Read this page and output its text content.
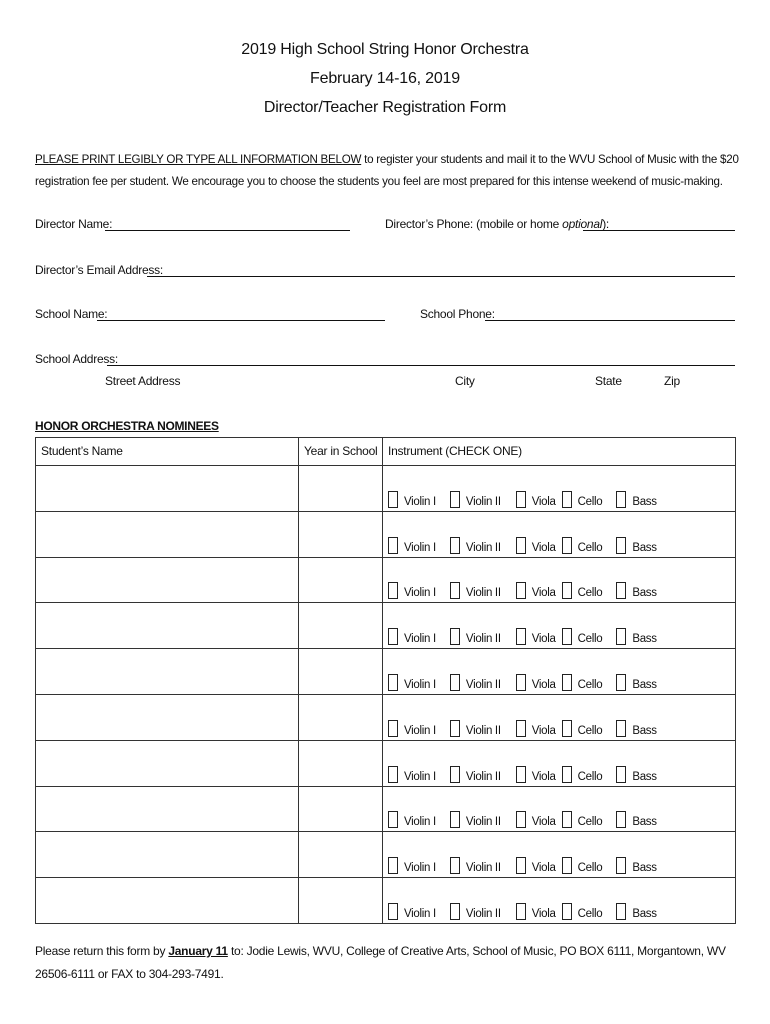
2019 High School String Honor Orchestra
February 14-16, 2019
Director/Teacher Registration Form
PLEASE PRINT LEGIBLY OR TYPE ALL INFORMATION BELOW to register your students and mail it to the WVU School of Music with the $20 registration fee per student. We encourage you to choose the students you feel are most prepared for this intense weekend of music-making.
Director Name:	Director’s Phone: (mobile or home optional):
Director’s Email Address:
School Name:	School Phone:
School Address:
Street Address	City	State	Zip
HONOR ORCHESTRA NOMINEES
Student’s Name	Year in School	Instrument (CHECK ONE)

		Violin I Violin II Viola Cello Bass

		Violin I Violin II Viola Cello Bass

		Violin I Violin II Viola Cello Bass

		Violin I Violin II Viola Cello Bass

		Violin I Violin II Viola Cello Bass

		Violin I Violin II Viola Cello Bass

		Violin I Violin II Viola Cello Bass

		Violin I Violin II Viola Cello Bass

		Violin I Violin II Viola Cello Bass

		Violin I Violin II Viola Cello Bass
Please return this form by January 11 to: Jodie Lewis, WVU, College of Creative Arts, School of Music, PO BOX 6111, Morgantown, WV 26506-6111 or FAX to 304-293-7491.
